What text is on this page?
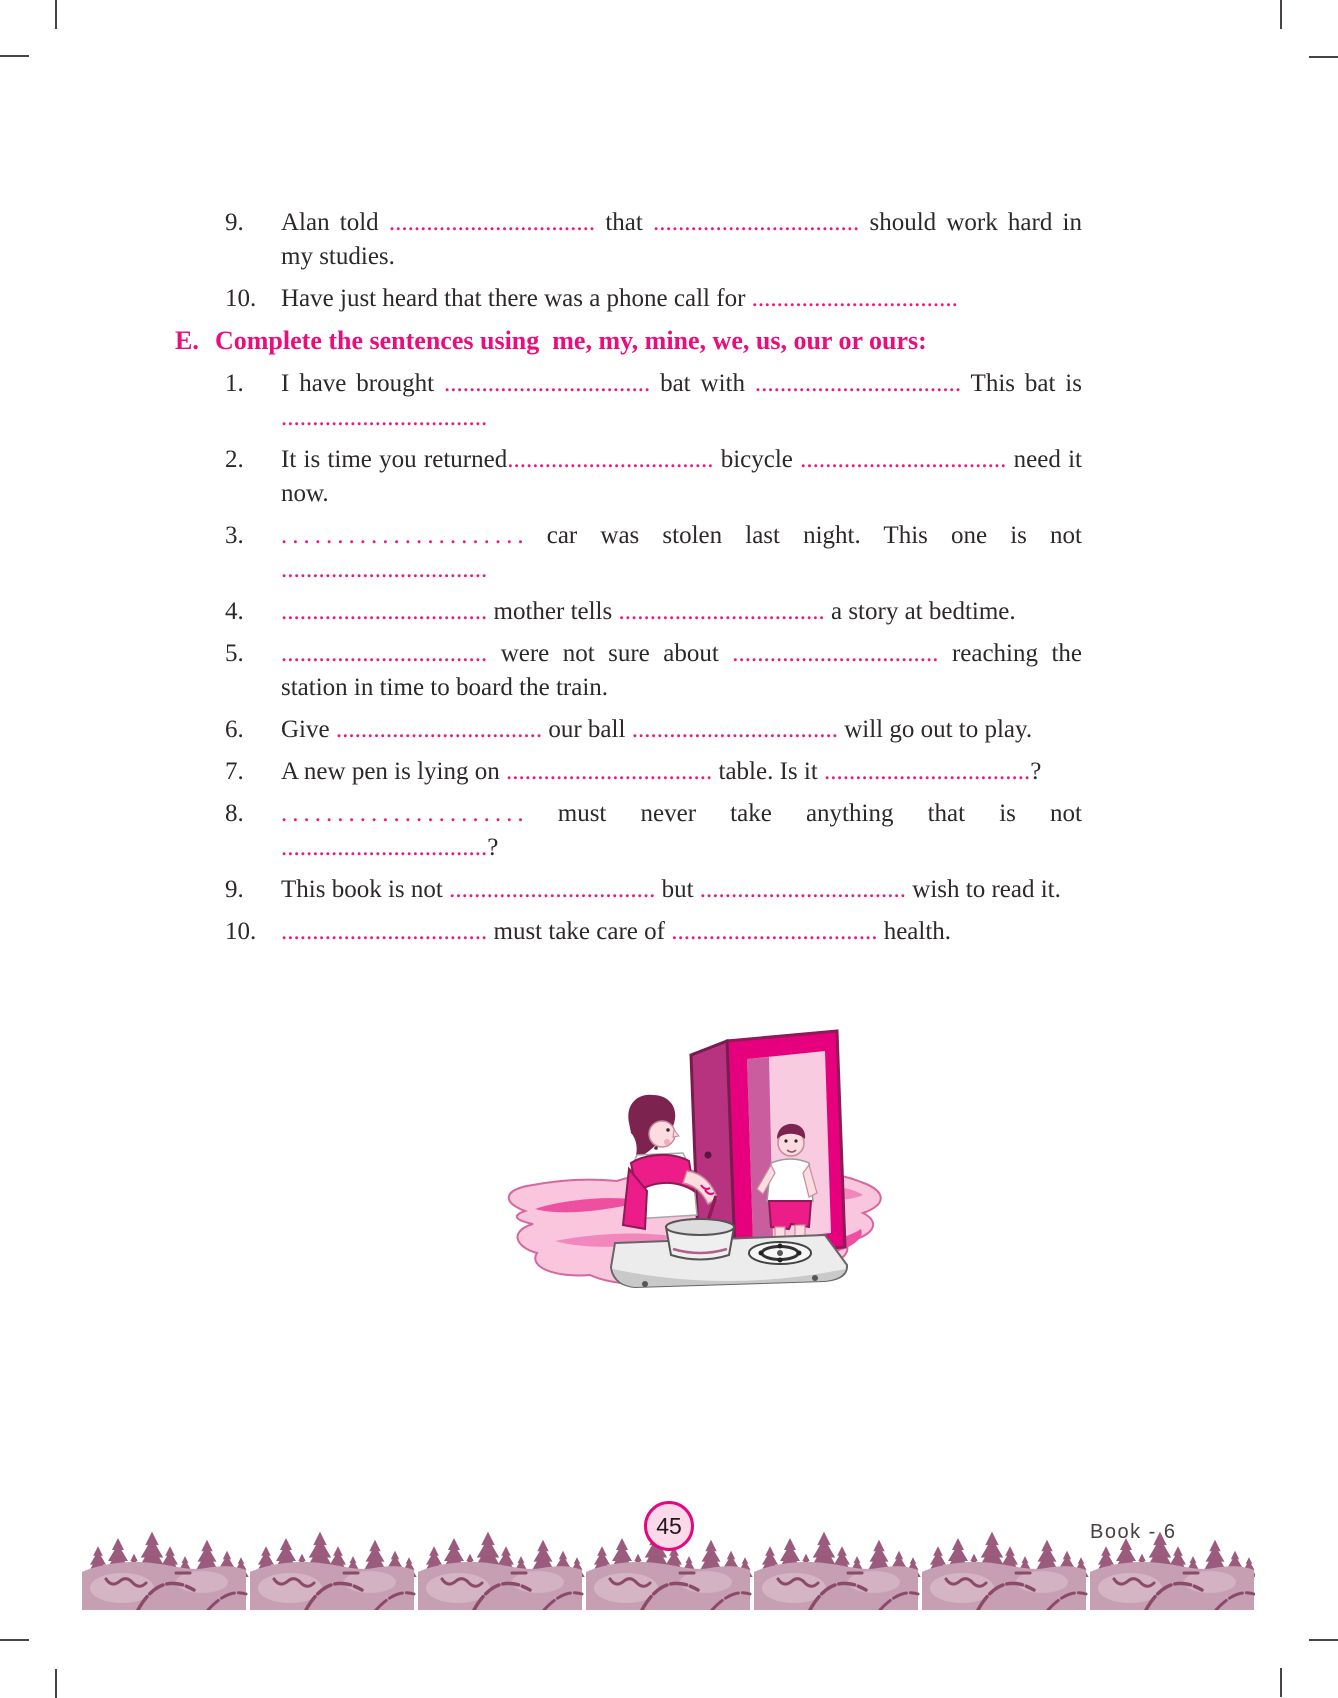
9.	Alan told ................................. that ................................. should work hard in my studies.
10. Have just heard that there was a phone call for .................................
E. Complete the sentences using  me, my, mine, we, us, our or ours:
1.	I have brought ................................. bat with ................................. This bat is .................................
2.	It is time you returned................................. bicycle ................................. need it now.
3.	. . . . . . . . . . . . . . . . . . . . . . car was stolen last night. This one is not .................................
4.	................................. mother tells ................................. a story at bedtime.
5.	................................. were not sure about ................................. reaching the station in time to board the train.
6.	Give ................................. our ball ................................. will go out to play.
7.	A new pen is lying on ................................. table. Is it .................................?
8.	. . . . . . . . . . . . . . . . . . . . . . must never take anything that is not .................................?
9.	This book is not ................................. but ................................. wish to read it.
10. ................................. must take care of ................................. health.
45	Book - 6
